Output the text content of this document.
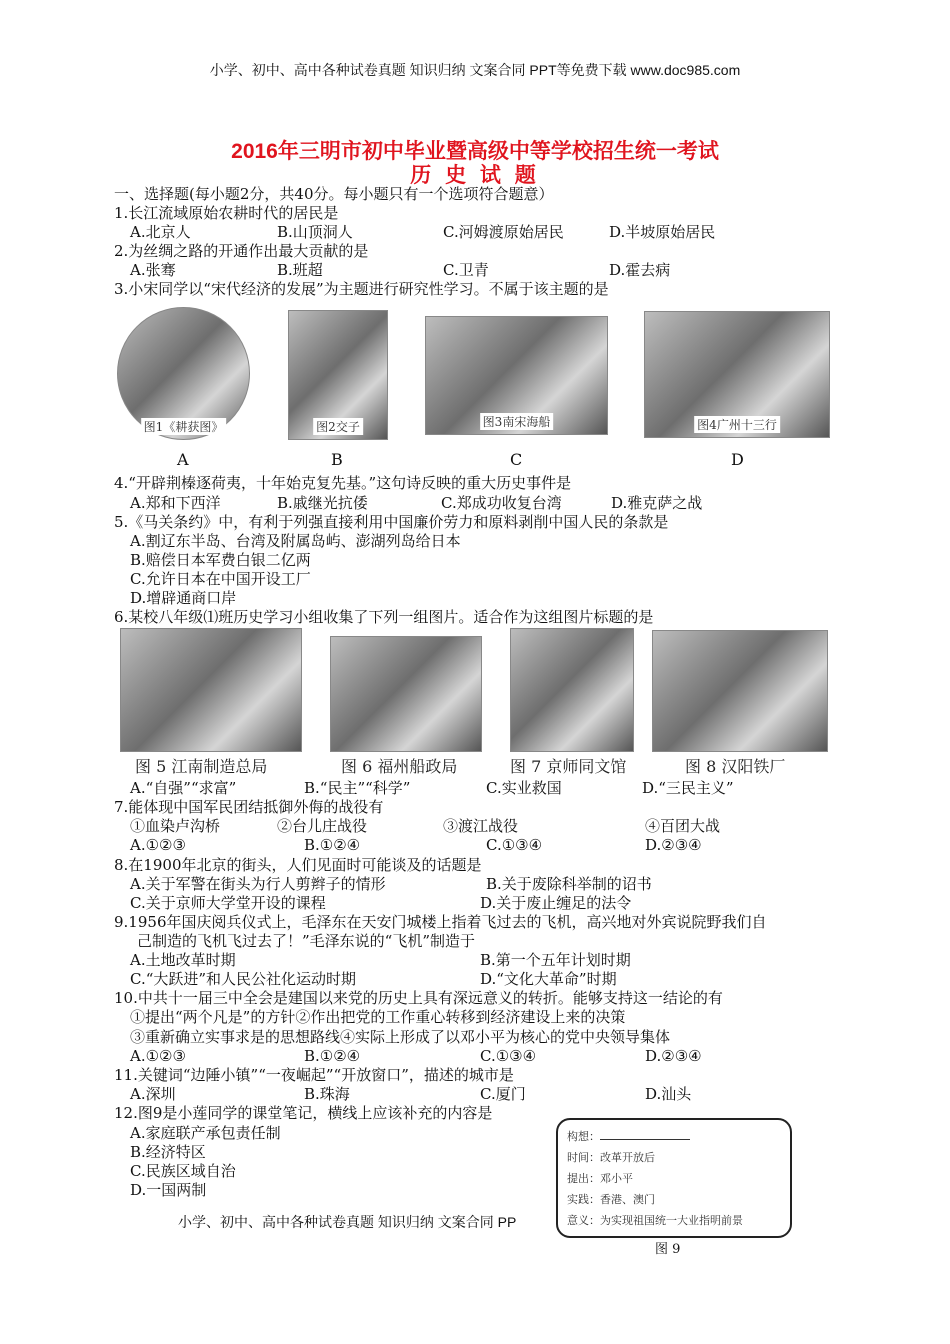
小学、初中、高中各种试卷真题 知识归纳 文案合同 PPT等免费下载 www.doc985.com
2016年三明市初中毕业暨高级中等学校招生统一考试
历 史 试 题
一、选择题(每小题2分，共40分。每小题只有一个选项符合题意）
1.长江流域原始农耕时代的居民是
A.北京人	B.山顶洞人	C.河姆渡原始居民	D.半坡原始居民
2.为丝绸之路的开通作出最大贡献的是
A.张骞	B.班超	C.卫青	D.霍去病
3.小宋同学以“宋代经济的发展”为主题进行研究性学习。不属于该主题的是
图1《耕获图》	图2交子	图3南宋海船	图4广州十三行
A	B	C	D
4.“开辟荆榛逐荷夷，十年始克复先基。”这句诗反映的重大历史事件是
A.郑和下西洋	B.戚继光抗倭	C.郑成功收复台湾	D.雅克萨之战
5.《马关条约》中，有利于列强直接利用中国廉价劳力和原料剥削中国人民的条款是
A.割辽东半岛、台湾及附属岛屿、澎湖列岛给日本
B.赔偿日本军费白银二亿两
C.允许日本在中国开设工厂
D.增辟通商口岸
6.某校八年级⑴班历史学习小组收集了下列一组图片。适合作为这组图片标题的是
图 5 江南制造总局	图 6 福州船政局	图 7 京师同文馆	图 8 汉阳铁厂
A.“自强”“求富”	B.“民主”“科学”	C.实业救国	D.“三民主义”
7.能体现中国军民团结抵御外侮的战役有
①血染卢沟桥	②台儿庄战役	③渡江战役	④百团大战
A.①②③	B.①②④	C.①③④	D.②③④
8.在1900年北京的街头，人们见面时可能谈及的话题是
A.关于军警在街头为行人剪辫子的情形	B.关于废除科举制的诏书
C.关于京师大学堂开设的课程	D.关于废止缠足的法令
9.1956年国庆阅兵仪式上，毛泽东在天安门城楼上指着飞过去的飞机，高兴地对外宾说院野我们自
己制造的飞机飞过去了！”毛泽东说的“飞机”制造于
A.土地改革时期	B.第一个五年计划时期
C.“大跃进”和人民公社化运动时期	D.“文化大革命”时期
10.中共十一届三中全会是建国以来党的历史上具有深远意义的转折。能够支持这一结论的有
①提出“两个凡是”的方针②作出把党的工作重心转移到经济建设上来的决策
③重新确立实事求是的思想路线④实际上形成了以邓小平为核心的党中央领导集体
A.①②③	B.①②④	C.①③④	D.②③④
11.关键词“边陲小镇”“一夜崛起”“开放窗口”，描述的城市是
A.深圳	B.珠海	C.厦门	D.汕头
12.图9是小莲同学的课堂笔记，横线上应该补充的内容是
A.家庭联产承包责任制
B.经济特区
C.民族区域自治
D.一国两制
构想：
时间：改革开放后
提出：邓小平
实践：香港、澳门
意义：为实现祖国统一大业指明前景
图 9
小学、初中、高中各种试卷真题 知识归纳 文案合同 PP
